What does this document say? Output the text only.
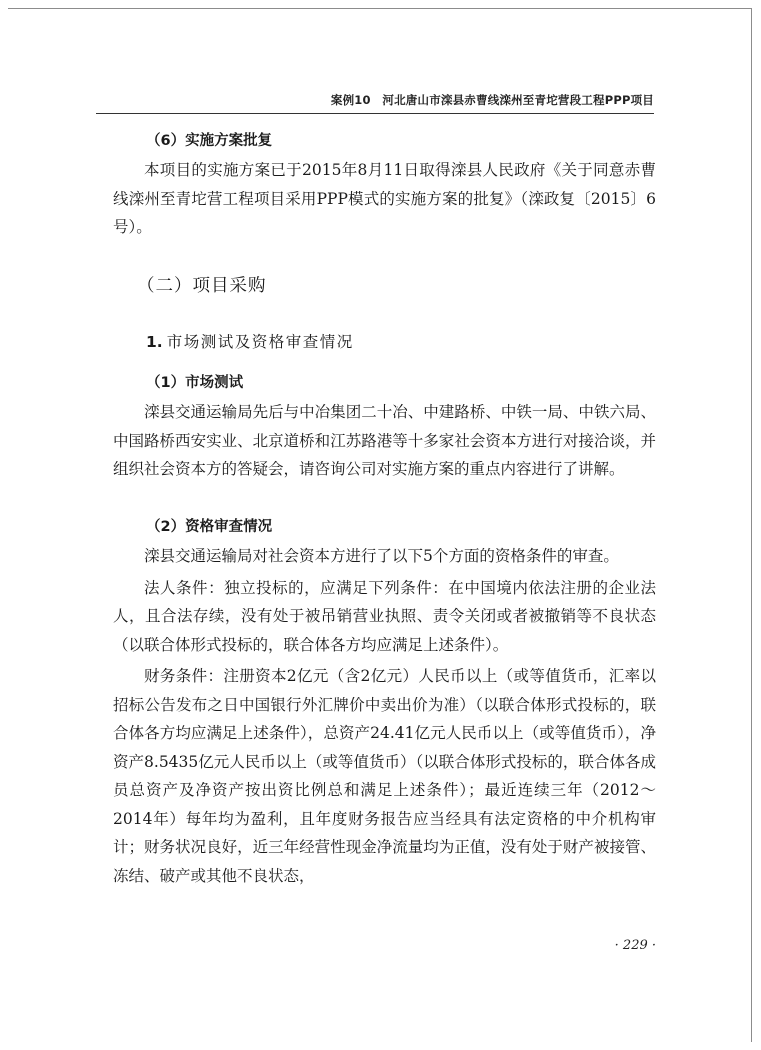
案例10　河北唐山市滦县赤曹线滦州至青坨营段工程PPP项目

（6）实施方案批复

本项目的实施方案已于2015年8月11日取得滦县人民政府《关于同意赤曹线滦州至青坨营工程项目采用PPP模式的实施方案的批复》（滦政复〔2015〕6号）。

（二）项目采购
1. 市场测试及资格审查情况

（1）市场测试

滦县交通运输局先后与中冶集团二十冶、中建路桥、中铁一局、中铁六局、中国路桥西安实业、北京道桥和江苏路港等十多家社会资本方进行对接洽谈，并组织社会资本方的答疑会，请咨询公司对实施方案的重点内容进行了讲解。

（2）资格审查情况

滦县交通运输局对社会资本方进行了以下5个方面的资格条件的审查。

法人条件：独立投标的，应满足下列条件：在中国境内依法注册的企业法人，且合法存续，没有处于被吊销营业执照、责令关闭或者被撤销等不良状态（以联合体形式投标的，联合体各方均应满足上述条件）。

财务条件：注册资本2亿元（含2亿元）人民币以上（或等值货币，汇率以招标公告发布之日中国银行外汇牌价中卖出价为准）（以联合体形式投标的，联合体各方均应满足上述条件），总资产24.41亿元人民币以上（或等值货币），净资产8.5435亿元人民币以上（或等值货币）（以联合体形式投标的，联合体各成员总资产及净资产按出资比例总和满足上述条件）；最近连续三年（2012～2014年）每年均为盈利，且年度财务报告应当经具有法定资格的中介机构审计；财务状况良好，近三年经营性现金净流量均为正值，没有处于财产被接管、冻结、破产或其他不良状态，

· 229 ·
